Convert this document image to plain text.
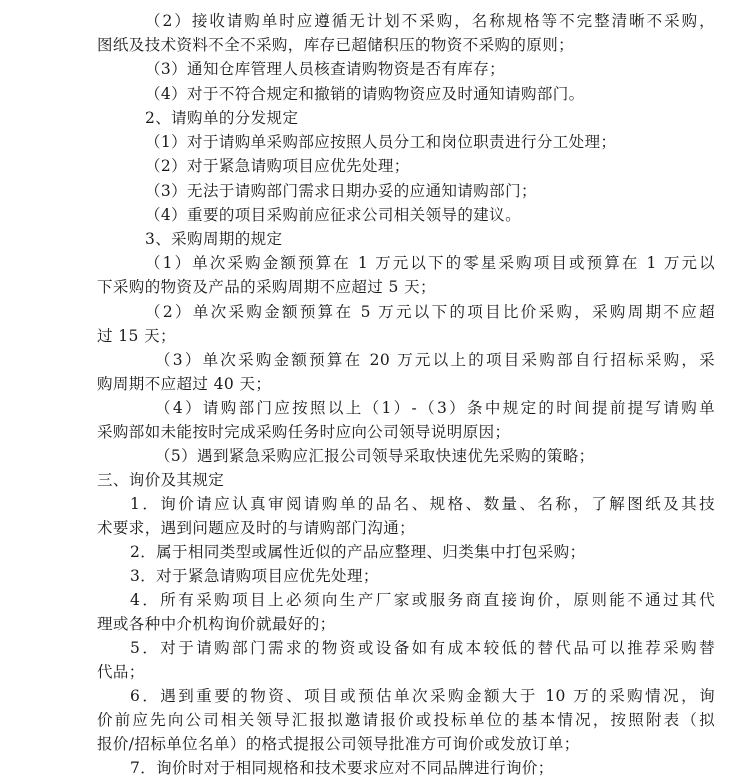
（2）接收请购单时应遵循无计划不采购，名称规格等不完整清晰不采购，
图纸及技术资料不全不采购，库存已超储积压的物资不采购的原则；
（3）通知仓库管理人员核查请购物资是否有库存；
（4）对于不符合规定和撤销的请购物资应及时通知请购部门。
2、请购单的分发规定
（1）对于请购单采购部应按照人员分工和岗位职责进行分工处理；
（2）对于紧急请购项目应优先处理；
（3）无法于请购部门需求日期办妥的应通知请购部门；
（4）重要的项目采购前应征求公司相关领导的建议。
3、采购周期的规定
（1）单次采购金额预算在 1 万元以下的零星采购项目或预算在 1 万元以
下采购的物资及产品的采购周期不应超过 5 天；
（2）单次采购金额预算在 5 万元以下的项目比价采购，采购周期不应超
过 15 天；
（3）单次采购金额预算在 20 万元以上的项目采购部自行招标采购，采
购周期不应超过 40 天；
（4）请购部门应按照以上（1）-（3）条中规定的时间提前提写请购单
采购部如未能按时完成采购任务时应向公司领导说明原因；
（5）遇到紧急采购应汇报公司领导采取快速优先采购的策略；
三、询价及其规定
1．询价请应认真审阅请购单的品名、规格、数量、名称，了解图纸及其技
术要求，遇到问题应及时的与请购部门沟通；
2．属于相同类型或属性近似的产品应整理、归类集中打包采购；
3．对于紧急请购项目应优先处理；
4．所有采购项目上必须向生产厂家或服务商直接询价，原则能不通过其代
理或各种中介机构询价就最好的；
5．对于请购部门需求的物资或设备如有成本较低的替代品可以推荐采购替
代品；
6．遇到重要的物资、项目或预估单次采购金额大于 10 万的采购情况，询
价前应先向公司相关领导汇报拟邀请报价或投标单位的基本情况，按照附表（拟
报价/招标单位名单）的格式提报公司领导批准方可询价或发放订单；
7．询价时对于相同规格和技术要求应对不同品牌进行询价；
